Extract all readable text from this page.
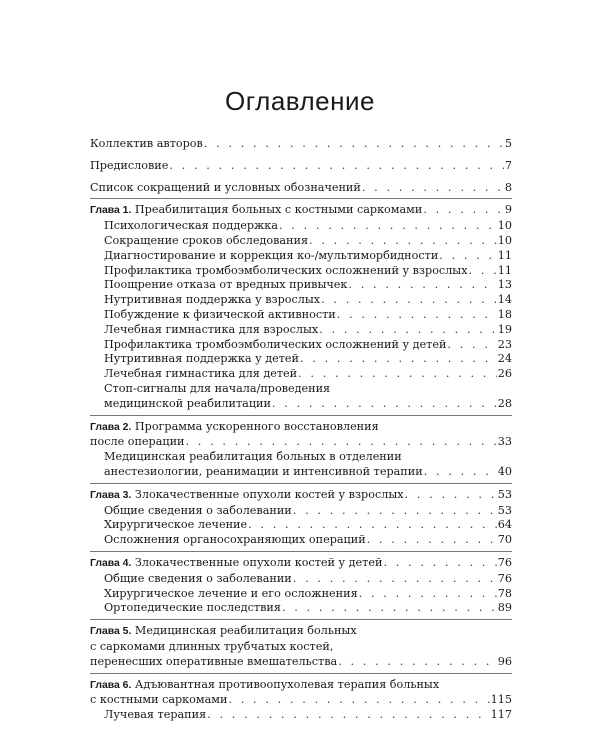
Оглавление
Коллектив авторов . . .	5
Предисловие . . .	7
Список сокращений и условных обозначений . . .	8
Глава 1. Преабилитация больных с костными саркомами . . .	9
Психологическая поддержка . . .	10
Сокращение сроков обследования . . .	10
Диагностирование и коррекция ко-/мультиморбидности . . .	11
Профилактика тромбоэмболических осложнений у взрослых . . .	11
Поощрение отказа от вредных привычек . . .	13
Нутритивная поддержка у взрослых . . .	14
Побуждение к физической активности . . .	18
Лечебная гимнастика для взрослых . . .	19
Профилактика тромбоэмболических осложнений у детей . . .	23
Нутритивная поддержка у детей . . .	24
Лечебная гимнастика для детей . . .	26
Стоп-сигналы для начала/проведения
медицинской реабилитации . . .	28
Глава 2. Программа ускоренного восстановления
после операции . . .	33
Медицинская реабилитация больных в отделении
анестезиологии, реанимации и интенсивной терапии . . .	40
Глава 3. Злокачественные опухоли костей у взрослых . . .	53
Общие сведения о заболевании . . .	53
Хирургическое лечение . . .	64
Осложнения органосохраняющих операций . . .	70
Глава 4. Злокачественные опухоли костей у детей . . .	76
Общие сведения о заболевании . . .	76
Хирургическое лечение и его осложнения . . .	78
Ортопедические последствия . . .	89
Глава 5. Медицинская реабилитация больных
с саркомами длинных трубчатых костей,
перенесших оперативные вмешательства . . .	96
Глава 6. Адъювантная противоопухолевая терапия больных
с костными саркомами . . .	115
Лучевая терапия . . .	117
